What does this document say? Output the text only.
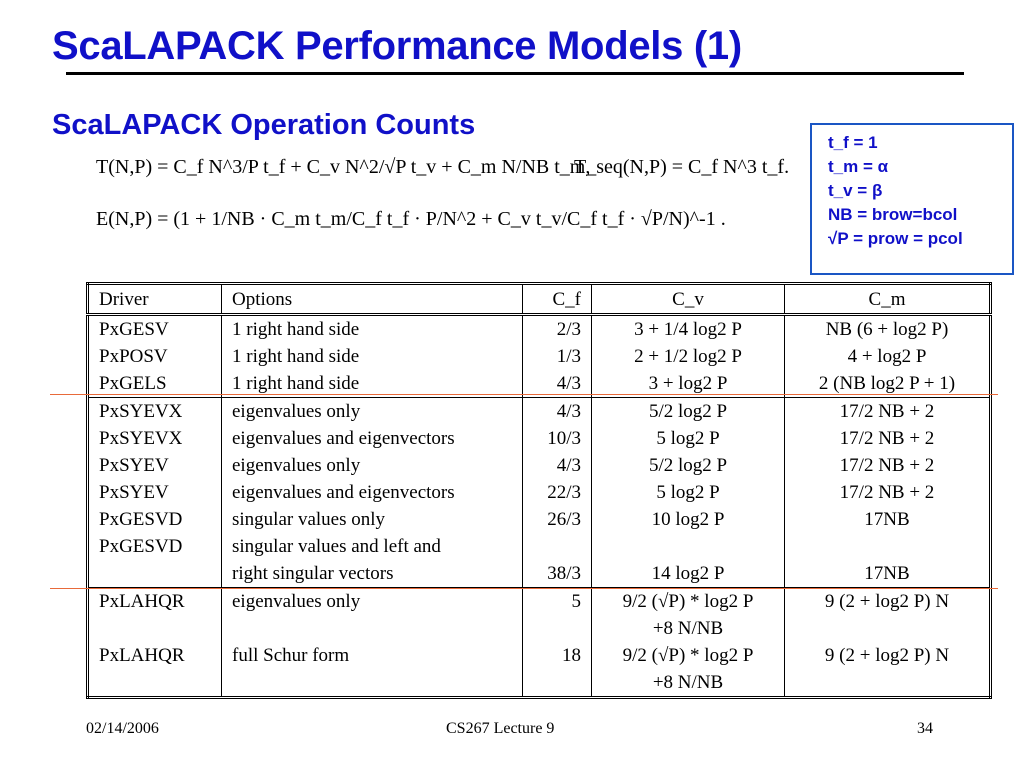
ScaLAPACK Performance Models (1)
ScaLAPACK Operation Counts
T(N,P) = C_f N^3/P t_f + C_v N^2/√P t_v + C_m N/NB t_m,
T_seq(N,P) = C_f N^3 t_f.
E(N,P) = (1 + 1/NB · C_m t_m/C_f t_f · P/N^2 + C_v t_v/C_f t_f · √P/N)^-1 .
t_f = 1
t_m = α
t_v = β
NB = brow=bcol
√P = prow = pcol
Driver	Options	C_f	C_v	C_m
PxGESV	1 right hand side	2/3	3 + 1/4 log2 P	NB (6 + log2 P)
PxPOSV	1 right hand side	1/3	2 + 1/2 log2 P	4 + log2 P
PxGELS	1 right hand side	4/3	3 + log2 P	2 (NB log2 P + 1)
PxSYEVX	eigenvalues only	4/3	5/2 log2 P	17/2 NB + 2
PxSYEVX	eigenvalues and eigenvectors	10/3	5 log2 P	17/2 NB + 2
PxSYEV	eigenvalues only	4/3	5/2 log2 P	17/2 NB + 2
PxSYEV	eigenvalues and eigenvectors	22/3	5 log2 P	17/2 NB + 2
PxGESVD	singular values only	26/3	10 log2 P	17NB
PxGESVD	singular values and left and			
	right singular vectors	38/3	14 log2 P	17NB
PxLAHQR	eigenvalues only	5	9/2 (√P) * log2 P	9 (2 + log2 P) N
			+8 N/NB	
PxLAHQR	full Schur form	18	9/2 (√P) * log2 P	9 (2 + log2 P) N
			+8 N/NB	
02/14/2006	CS267 Lecture 9	34
